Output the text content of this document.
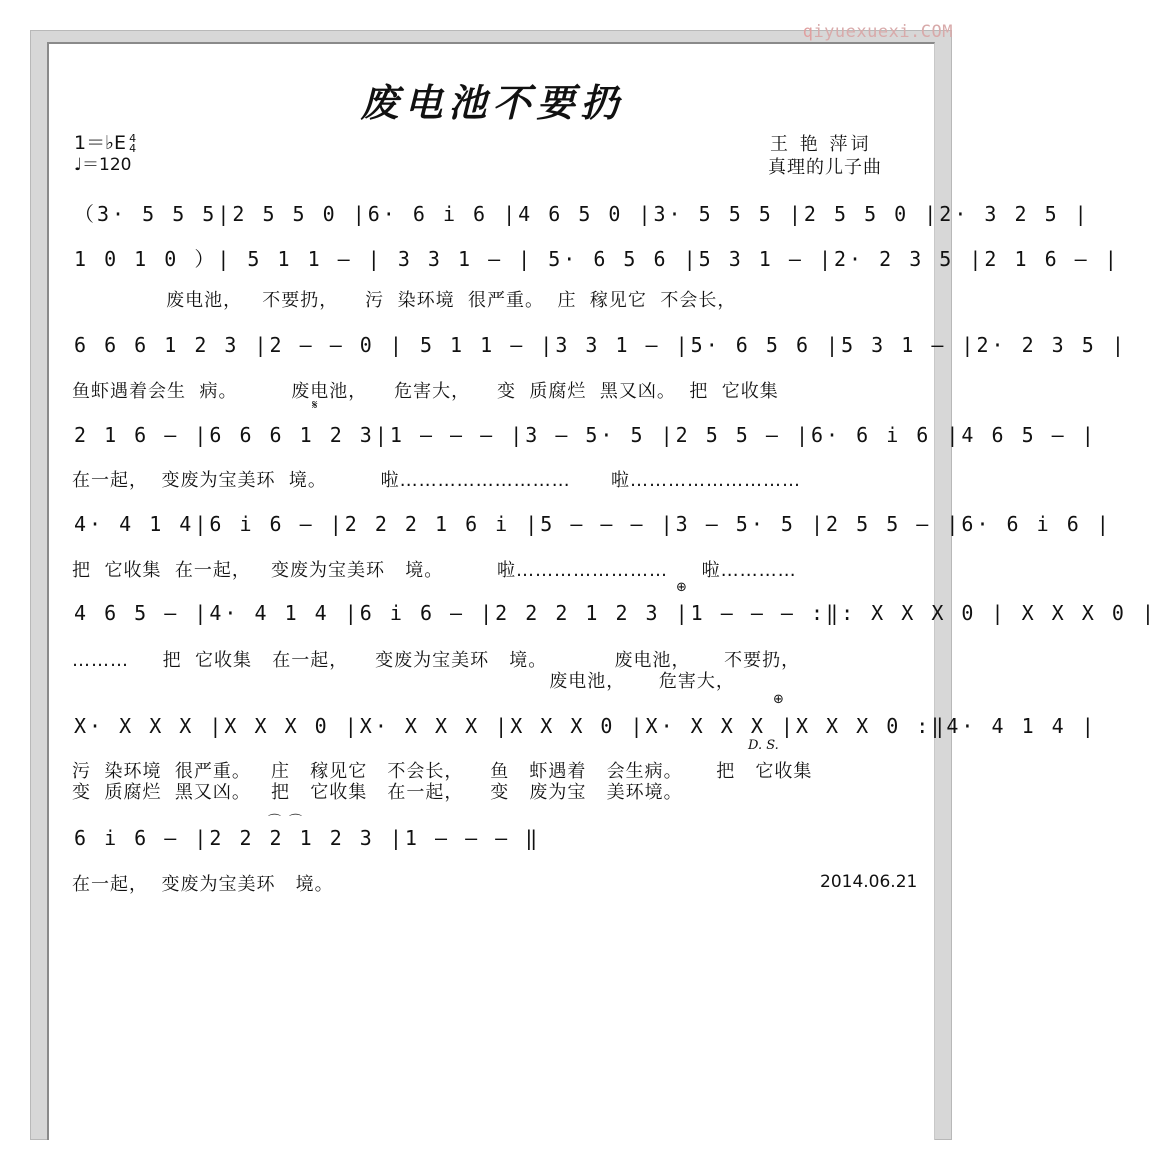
qiyuexuexi.COM
废电池不要扔
1＝♭E 4
4
♩＝120
王 艳 萍词
真理的儿子曲
（3· 5 5 5|2 5 5 0 |6· 6 i 6 |4 6 5 0 |3· 5 5 5 |2 5 5 0 |2· 3 2 5 |
1 0 1 0 ）| 5 1 1 — | 3 3 1 — | 5· 6 5 6 |5 3 1 — |2· 2 3 5 |2 1 6 — |
废电池，   不要扔，    污  染环境  很严重。  庄  稼见它  不会长，
6 6 6 1 2 3 |2 — — 0 | 5 1 1 — |3 3 1 — |5· 6 5 6 |5 3 1 — |2· 2 3 5 |
鱼虾遇着会生  病。        废电池，    危害大，    变  质腐烂  黑又凶。  把  它收集
𝄋
2 1 6 — |6 6 6 1 2 3|1 — — — |3 — 5· 5 |2 5 5 — |6· 6 i 6 |4 6 5 — |
在一起，  变废为宝美环  境。        啦………………………      啦………………………
4· 4 1 4|6 i 6 — |2 2 2 1 6 i |5 — — — |3 — 5· 5 |2 5 5 — |6· 6 i 6 |
把  它收集  在一起，   变废为宝美环   境。        啦……………………     啦…………
⊕
4 6 5 — |4· 4 1 4 |6 i 6 — |2 2 2 1 2 3 |1 — — — :‖: X X X 0 | X X X 0 |
………     把  它收集   在一起，    变废为宝美环   境。          废电池，     不要扔，
废电池，     危害大，
⊕
X· X X X |X X X 0 |X· X X X |X X X 0 |X· X X X |X X X 0 :‖4· 4 1 4 |
D. S.
污  染环境  很严重。   庄   稼见它   不会长，    鱼   虾遇着   会生病。     把   它收集
变  质腐烂  黑又凶。   把   它收集   在一起，    变   废为宝   美环境。
⌒ ⌒
6 i 6 — |2 2 2 1 2 3 |1 — — — ‖
在一起，  变废为宝美环   境。	2014.06.21
